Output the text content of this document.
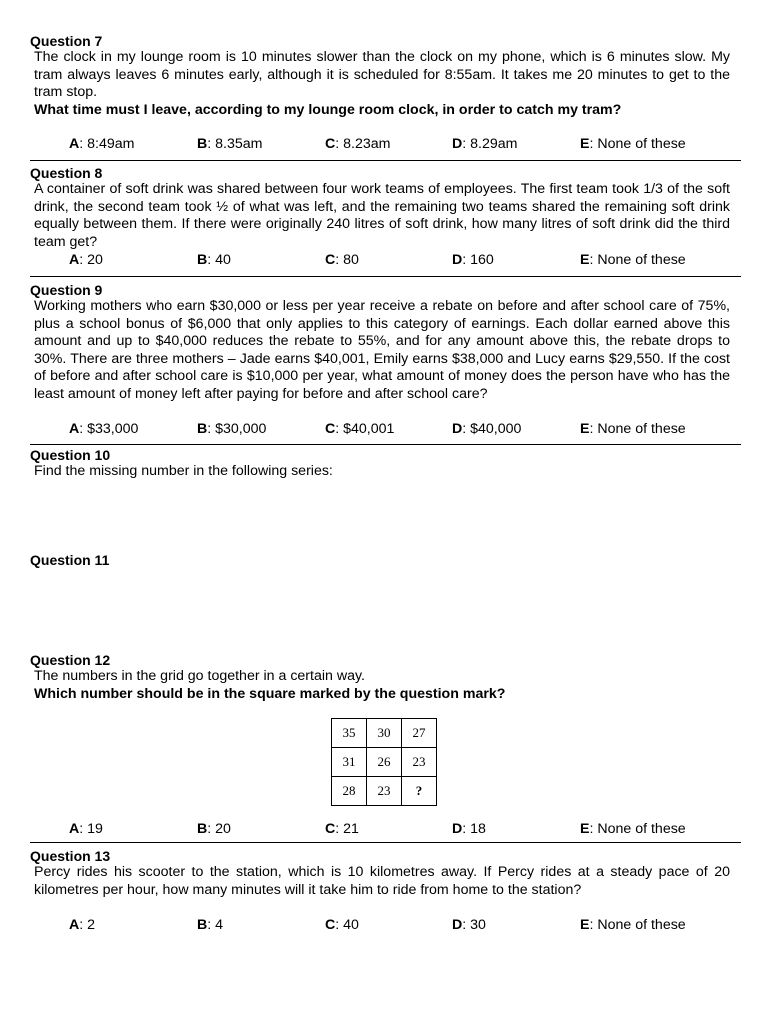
Question 7

The clock in my lounge room is 10 minutes slower than the clock on my phone, which is 6 minutes slow. My tram always leaves 6 minutes early, although it is scheduled for 8:55am. It takes me 20 minutes to get to the tram stop.

What time must I leave, according to my lounge room clock, in order to catch my tram?

A: 8:49am	B: 8.35am	C: 8.23am	D: 8.29am	E: None of these
Question 8

A container of soft drink was shared between four work teams of employees. The first team took 1/3 of the soft drink, the second team took ½ of what was left, and the remaining two teams shared the remaining soft drink equally between them. If there were originally 240 litres of soft drink, how many litres of soft drink did the third team get?

A: 20	B: 40	C: 80	D: 160	E: None of these
Question 9

Working mothers who earn $30,000 or less per year receive a rebate on before and after school care of 75%, plus a school bonus of $6,000 that only applies to this category of earnings. Each dollar earned above this amount and up to $40,000 reduces the rebate to 55%, and for any amount above this, the rebate drops to 30%. There are three mothers – Jade earns $40,001, Emily earns $38,000 and Lucy earns $29,550. If the cost of before and after school care is $10,000 per year, what amount of money does the person have who has the least amount of money left after paying for before and after school care?

A: $33,000	B: $30,000	C: $40,001	D: $40,000	E: None of these
Question 10

Find the missing number in the following series:

Question 11
Question 12

The numbers in the grid go together in a certain way.

Which number should be in the square marked by the question mark?

35	30	27
31	26	23
28	23	?
A: 19	B: 20	C: 21	D: 18	E: None of these
Question 13

Percy rides his scooter to the station, which is 10 kilometres away. If Percy rides at a steady pace of 20 kilometres per hour, how many minutes will it take him to ride from home to the station?

A: 2	B: 4	C: 40	D: 30	E: None of these
